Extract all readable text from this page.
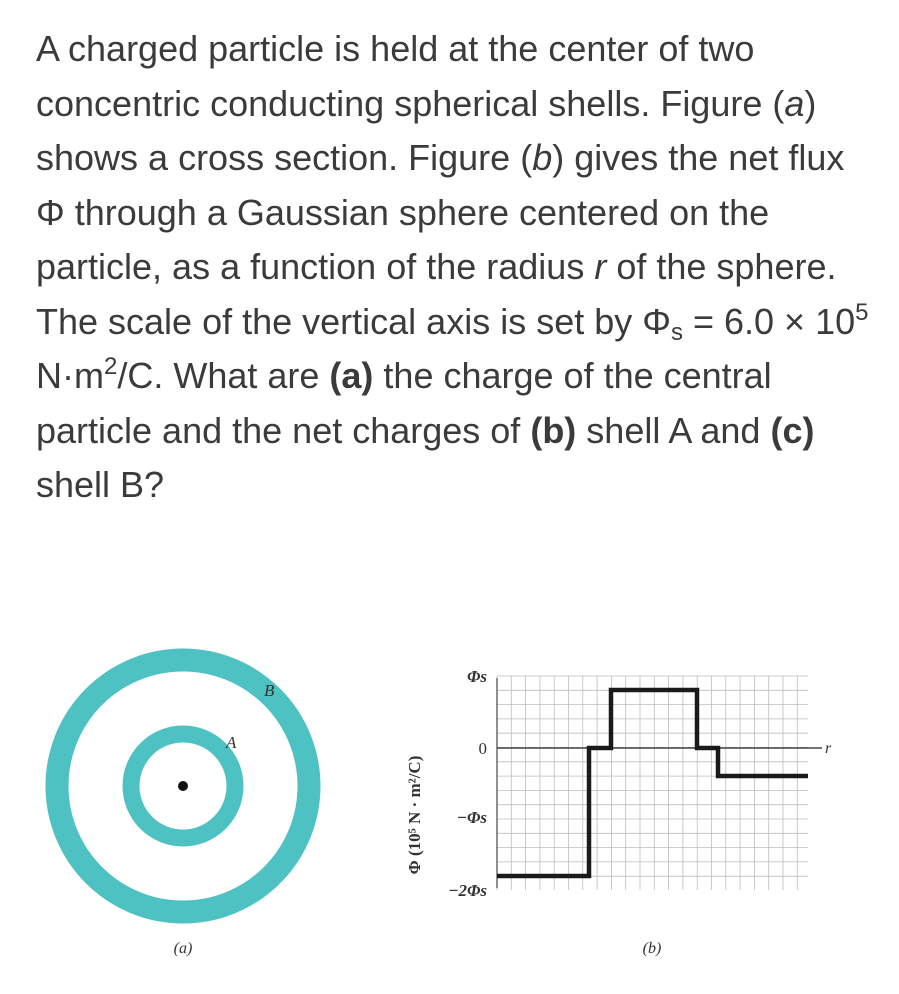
A charged particle is held at the center of two concentric conducting spherical shells. Figure (a) shows a cross section. Figure (b) gives the net flux Φ through a Gaussian sphere centered on the particle, as a function of the radius r of the sphere. The scale of the vertical axis is set by $\Phi_s = 6.0 \times 10^5$ $N\cdot m^2/C$. What are (a) the charge of the central particle and the net charges of (b) shell A and (c) shell B?

B
A
(a)
Φs
0
−Φs
−2Φs
r
Φ (10⁵ N · m²/C)
(b)
